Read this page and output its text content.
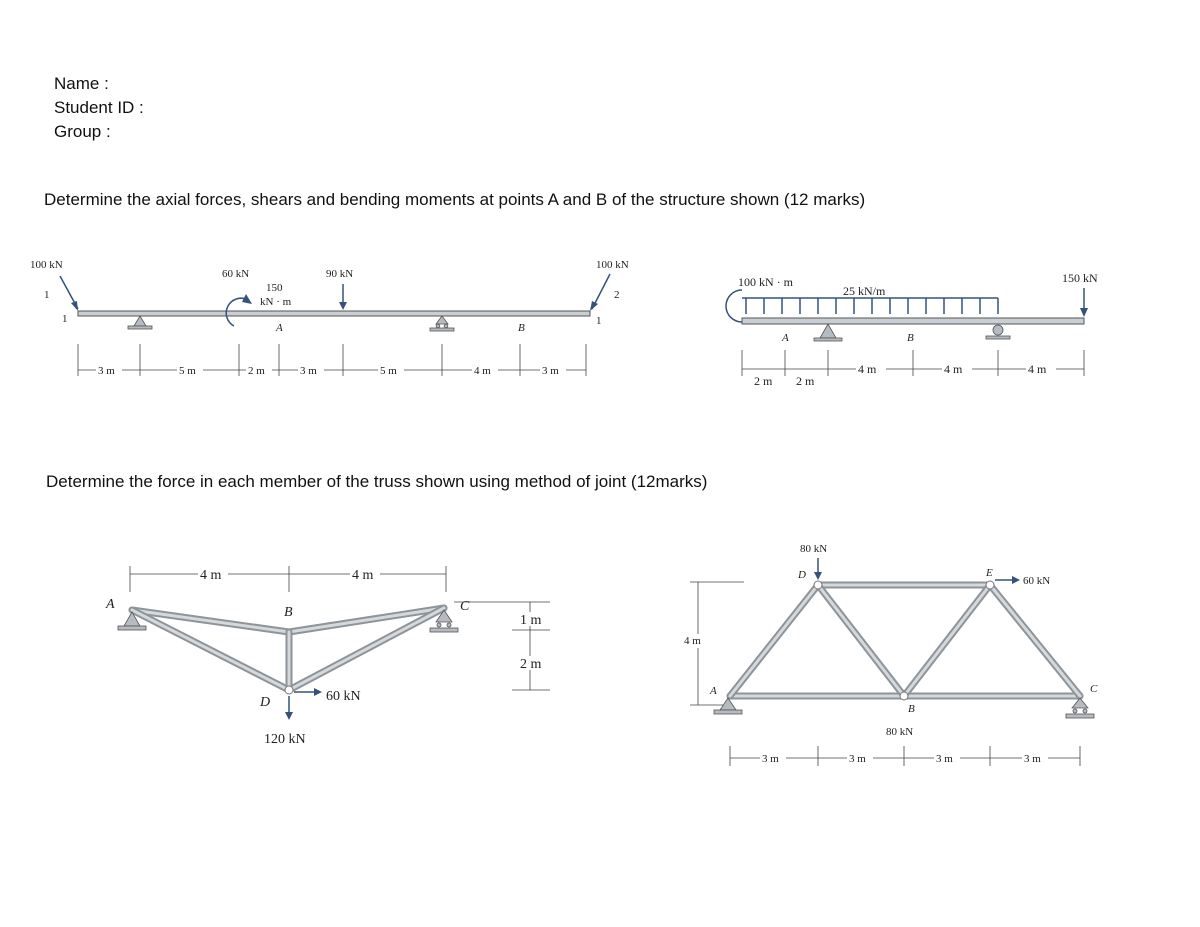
Name :
Student ID :
Group :
Determine the axial forces, shears and bending moments at points A and B of the structure shown (12 marks)
Determine the force in each member of the truss shown using method of joint (12marks)
100 kN
1
1
100 kN
2
1
60 kN
150
kN · m
A
90 kN
B
3 m	5 m	2 m	3 m	5 m	4 m	3 m
100 kN · m
25 kN/m
150 kN
A	B
2 m 2 m
4 m	4 m	4 m
4 m	4 m
A
B	C
D	60 kN
120 kN
1 m
2 m
4 m
A
B
C
D	E
80 kN
60 kN
80 kN
3 m	3 m	3 m	3 m
